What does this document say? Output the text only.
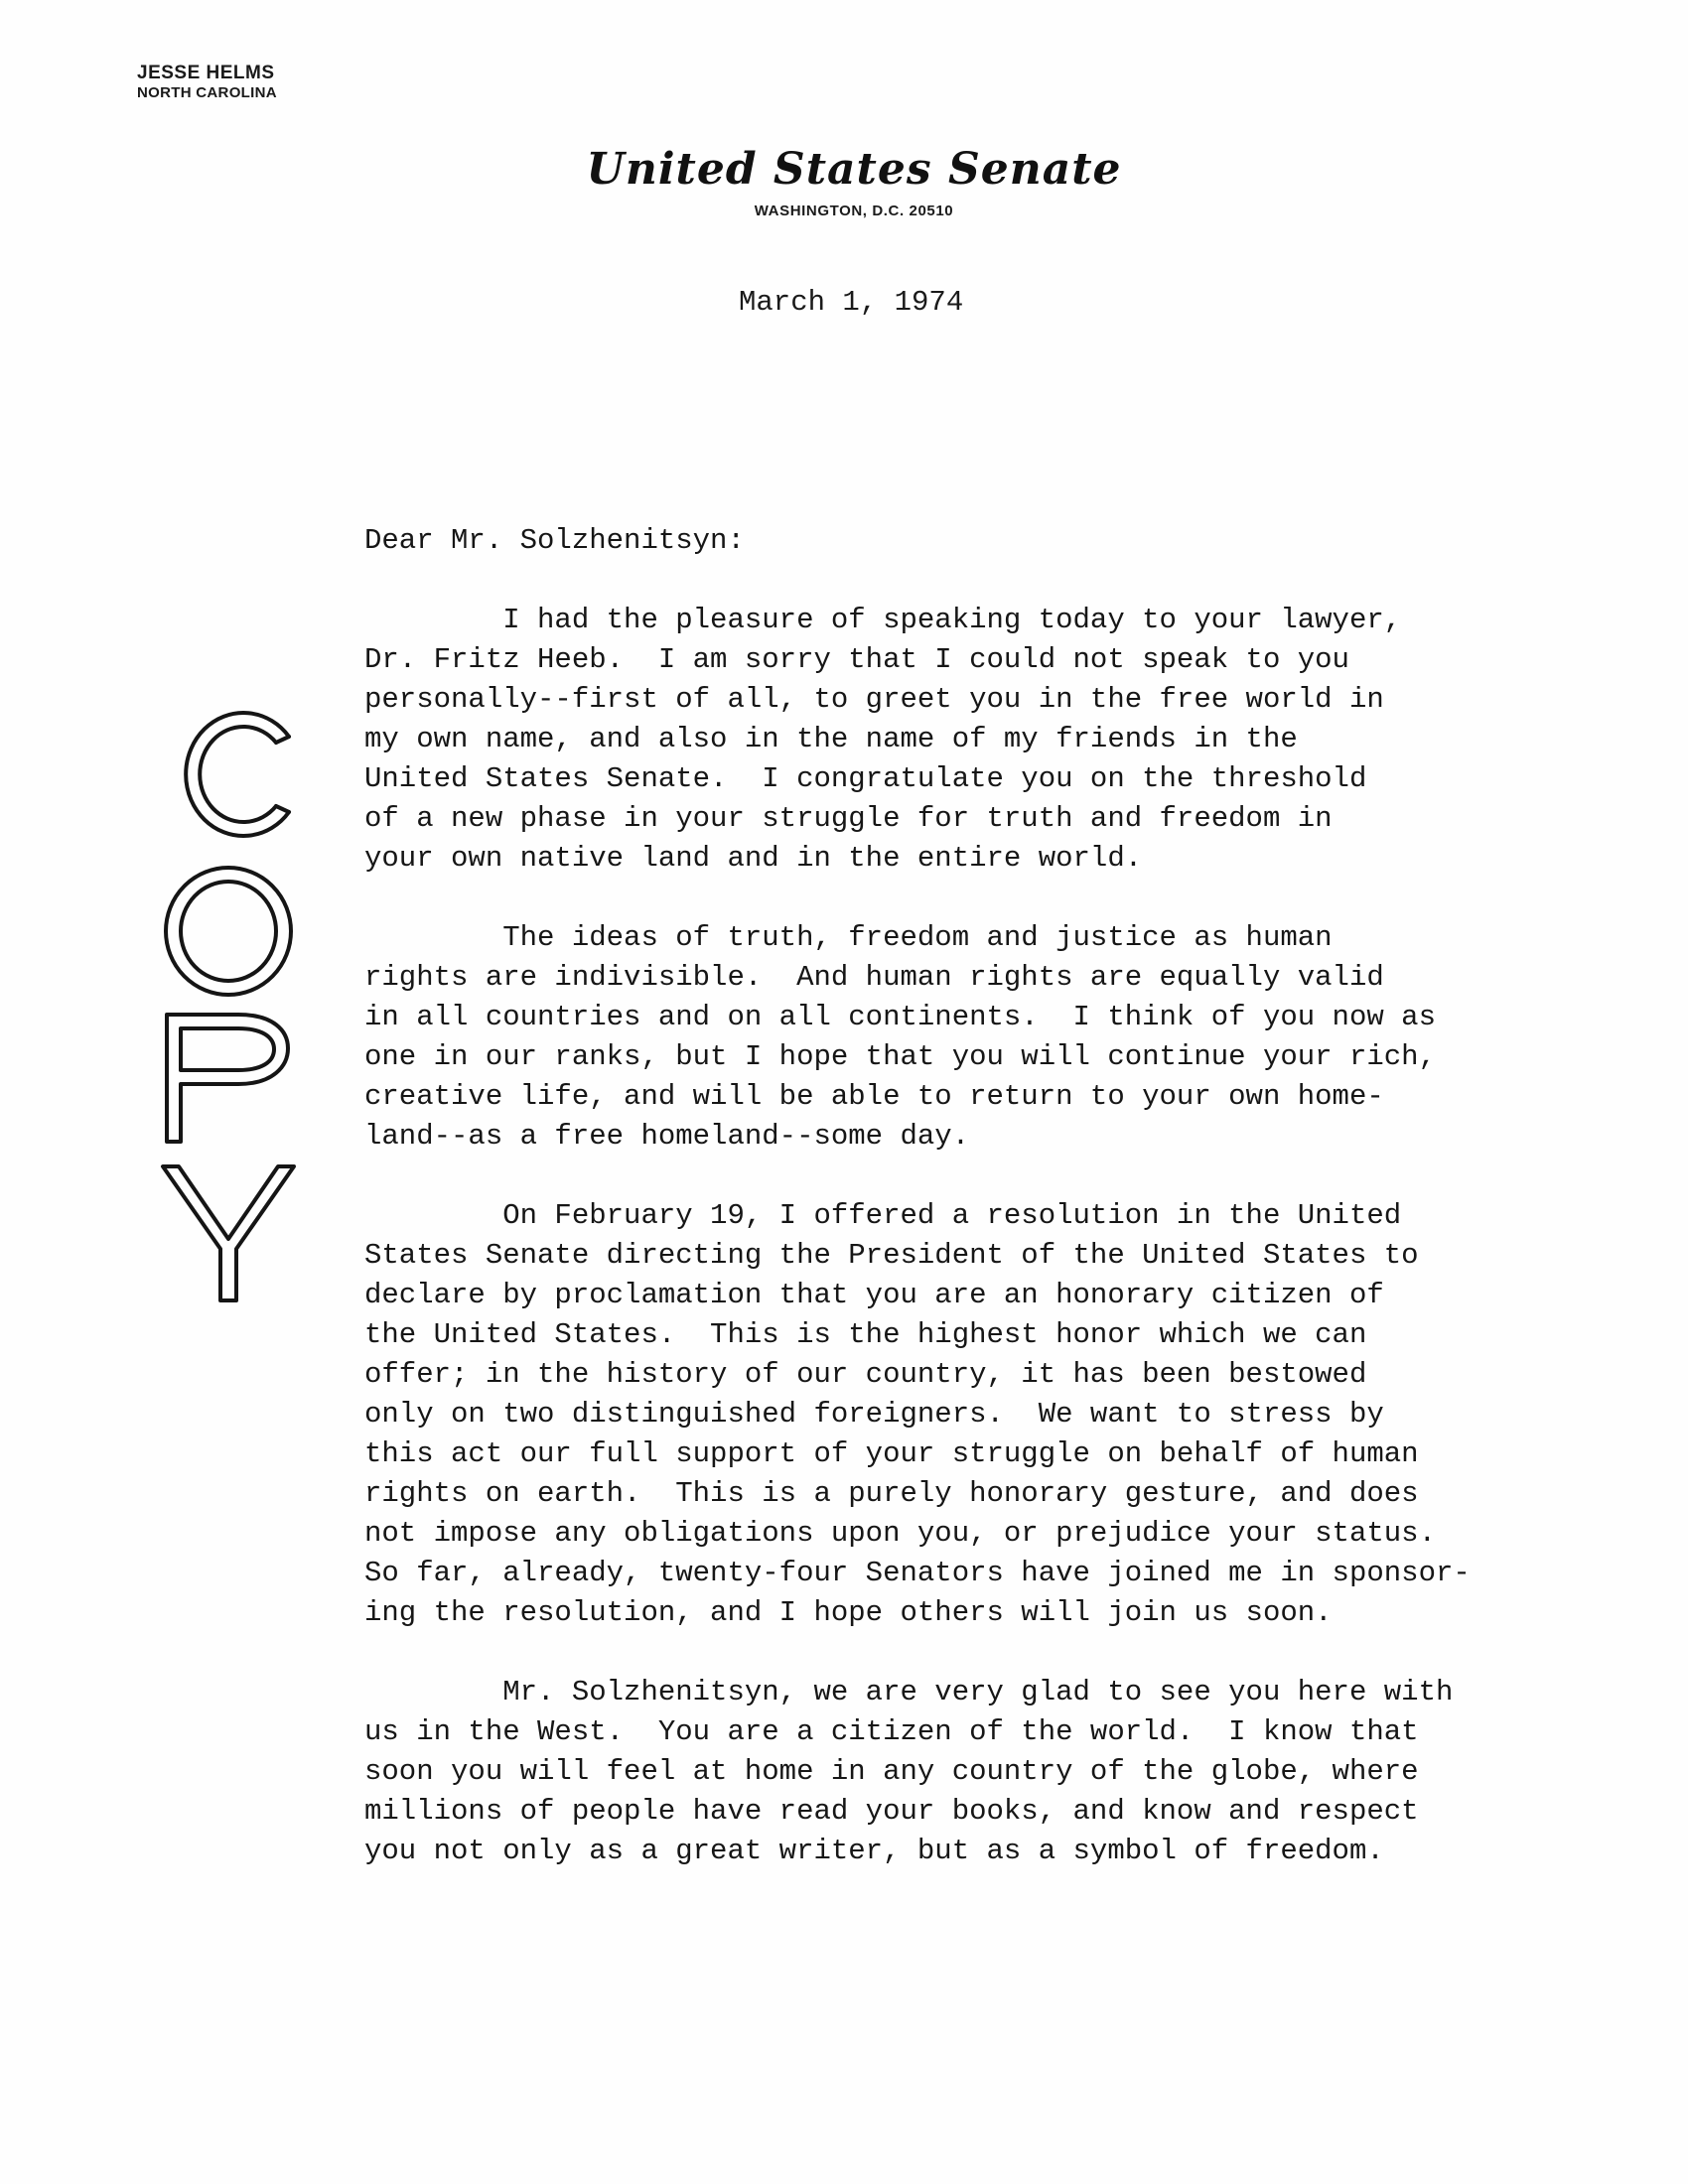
JESSE HELMS
NORTH CAROLINA
United States Senate
WASHINGTON, D.C. 20510
March 1, 1974
Dear Mr. Solzhenitsyn:
I had the pleasure of speaking today to your lawyer,
Dr. Fritz Heeb.  I am sorry that I could not speak to you
personally--first of all, to greet you in the free world in
my own name, and also in the name of my friends in the
United States Senate.  I congratulate you on the threshold
of a new phase in your struggle for truth and freedom in
your own native land and in the entire world.
The ideas of truth, freedom and justice as human
rights are indivisible.  And human rights are equally valid
in all countries and on all continents.  I think of you now as
one in our ranks, but I hope that you will continue your rich,
creative life, and will be able to return to your own home-
land--as a free homeland--some day.
On February 19, I offered a resolution in the United
States Senate directing the President of the United States to
declare by proclamation that you are an honorary citizen of
the United States.  This is the highest honor which we can
offer; in the history of our country, it has been bestowed
only on two distinguished foreigners.  We want to stress by
this act our full support of your struggle on behalf of human
rights on earth.  This is a purely honorary gesture, and does
not impose any obligations upon you, or prejudice your status.
So far, already, twenty-four Senators have joined me in sponsor-
ing the resolution, and I hope others will join us soon.
Mr. Solzhenitsyn, we are very glad to see you here with
us in the West.  You are a citizen of the world.  I know that
soon you will feel at home in any country of the globe, where
millions of people have read your books, and know and respect
you not only as a great writer, but as a symbol of freedom.
